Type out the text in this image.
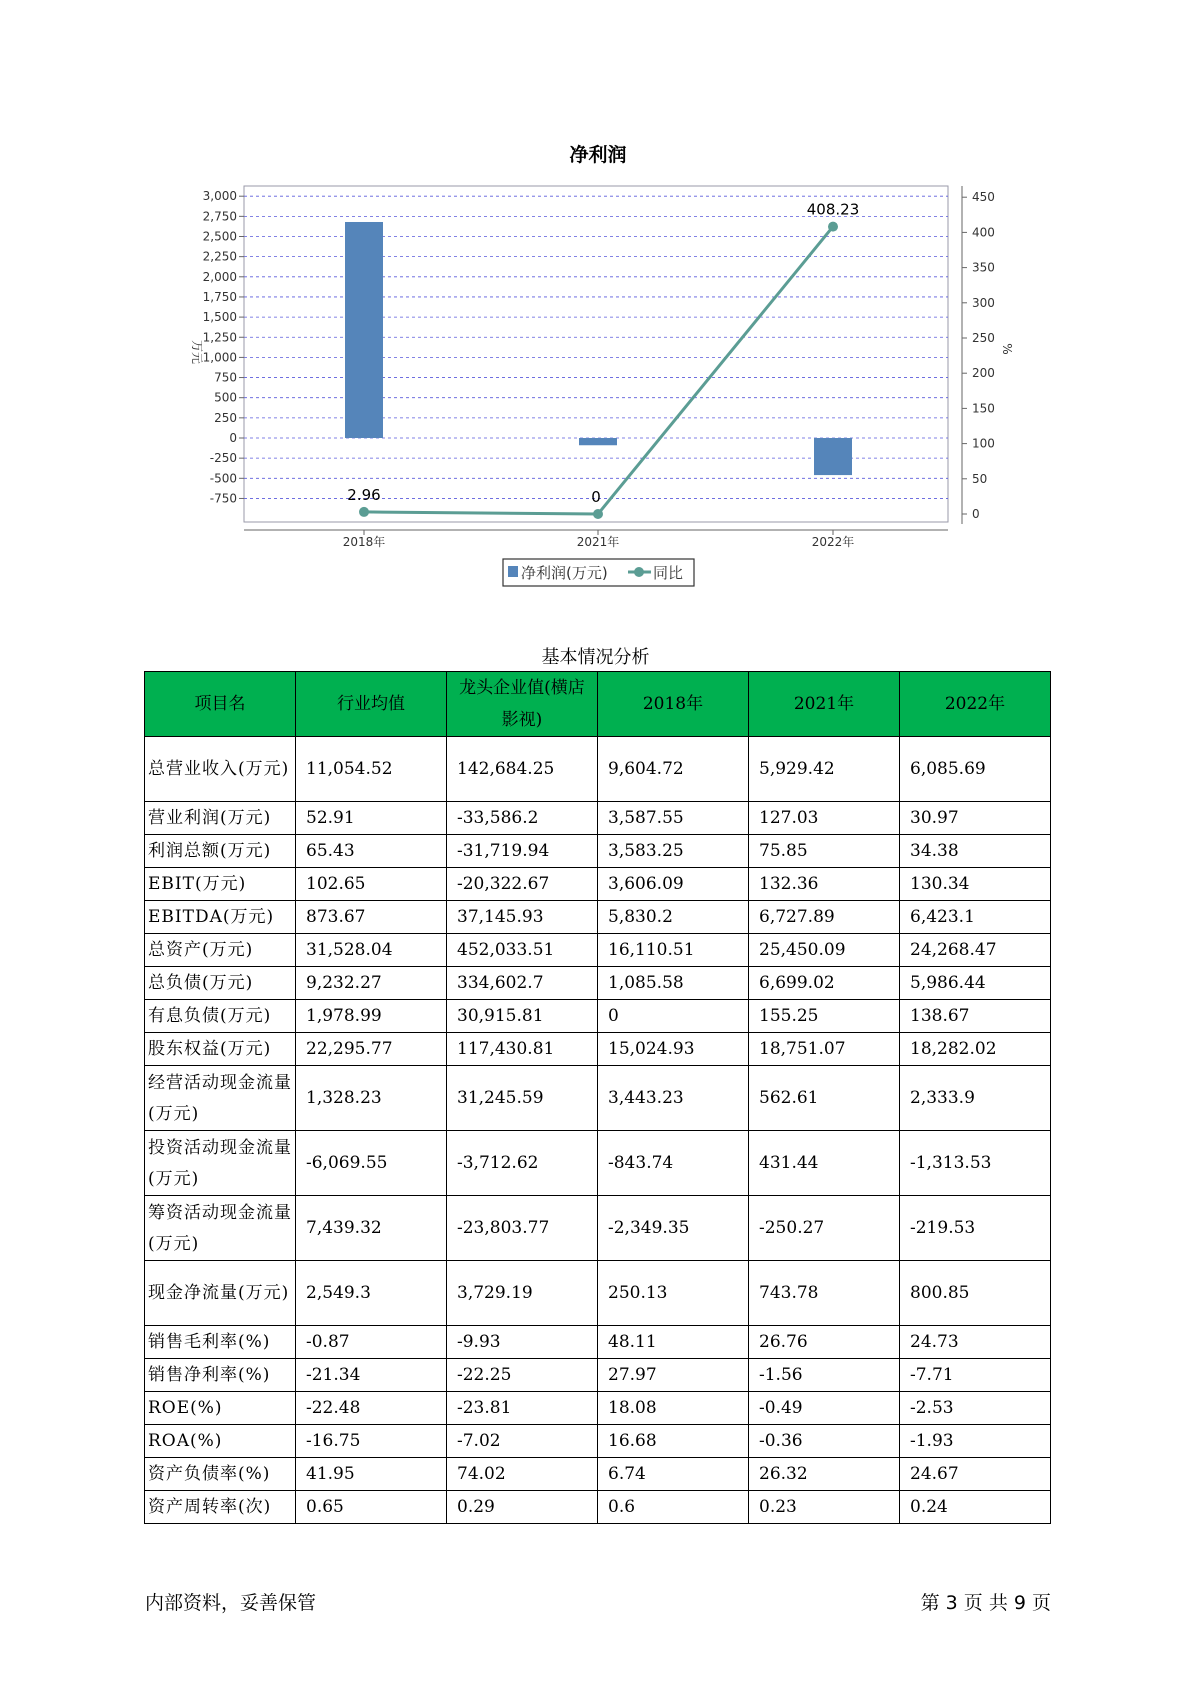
净利润
3,000
2,750
2,500
2,250
2,000
1,750
1,500
1,250
1,000
750
500
250
0
-250
-500
-750
450
400
350
300
250
200
150
100
50
0
2018年	2021年	2022年
2.96	0
408.23
万元	%
净利润(万元)	同比
基本情况分析
项目名	行业均值	龙头企业值(横店影视)	2018年	2021年	2022年
总营业收入(万元)	11,054.52	142,684.25	9,604.72	5,929.42	6,085.69
营业利润(万元)	52.91	-33,586.2	3,587.55	127.03	30.97
利润总额(万元)	65.43	-31,719.94	3,583.25	75.85	34.38
EBIT(万元)	102.65	-20,322.67	3,606.09	132.36	130.34
EBITDA(万元)	873.67	37,145.93	5,830.2	6,727.89	6,423.1
总资产(万元)	31,528.04	452,033.51	16,110.51	25,450.09	24,268.47
总负债(万元)	9,232.27	334,602.7	1,085.58	6,699.02	5,986.44
有息负债(万元)	1,978.99	30,915.81	0	155.25	138.67
股东权益(万元)	22,295.77	117,430.81	15,024.93	18,751.07	18,282.02
经营活动现金流量(万元)	1,328.23	31,245.59	3,443.23	562.61	2,333.9
投资活动现金流量(万元)	-6,069.55	-3,712.62	-843.74	431.44	-1,313.53
筹资活动现金流量(万元)	7,439.32	-23,803.77	-2,349.35	-250.27	-219.53
现金净流量(万元)	2,549.3	3,729.19	250.13	743.78	800.85
销售毛利率(%)	-0.87	-9.93	48.11	26.76	24.73
销售净利率(%)	-21.34	-22.25	27.97	-1.56	-7.71
ROE(%)	-22.48	-23.81	18.08	-0.49	-2.53
ROA(%)	-16.75	-7.02	16.68	-0.36	-1.93
资产负债率(%)	41.95	74.02	6.74	26.32	24.67
资产周转率(次)	0.65	0.29	0.6	0.23	0.24
内部资料，妥善保管	第 3 页 共 9 页
